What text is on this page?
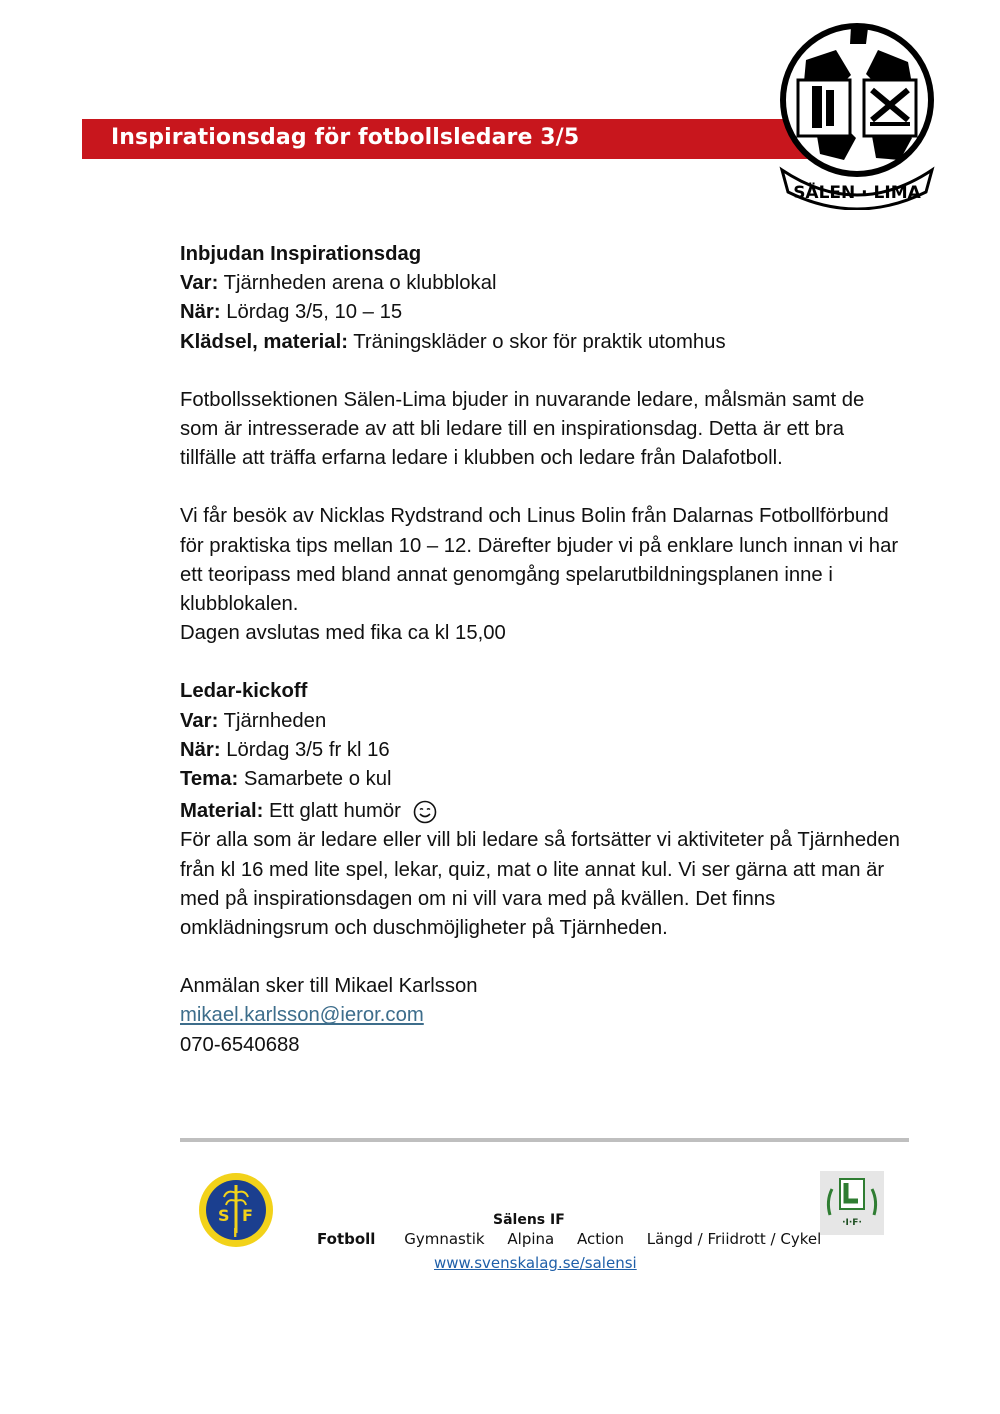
Inspirationsdag för fotbollsledare 3/5
SÄLEN · LIMA

Inbjudan Inspirationsdag

Var: Tjärnheden arena o klubblokal

När: Lördag 3/5, 10 – 15

Klädsel, material: Träningskläder o skor för praktik utomhus

Fotbollssektionen Sälen-Lima bjuder in nuvarande ledare, målsmän samt de som är intresserade av att bli ledare till en inspirationsdag. Detta är ett bra tillfälle att träffa erfarna ledare i klubben och ledare från Dalafotboll.

Vi får besök av Nicklas Rydstrand och Linus Bolin från Dalarnas Fotbollförbund för praktiska tips mellan 10 – 12. Därefter bjuder vi på enklare lunch innan vi har ett teoripass med bland annat genomgång spelarutbildningsplanen inne i klubblokalen.

Dagen avslutas med fika ca kl 15,00

Ledar-kickoff

Var: Tjärnheden

När: Lördag 3/5 fr kl 16

Tema: Samarbete o kul

Material: Ett glatt humör

För alla som är ledare eller vill bli ledare så fortsätter vi aktiviteter på Tjärnheden från kl 16 med lite spel, lekar, quiz, mat o lite annat kul. Vi ser gärna att man är med på inspirationsdagen om ni vill vara med på kvällen. Det finns omklädningsrum och duschmöjligheter på Tjärnheden.

Anmälan sker till Mikael Karlsson

mikael.karlsson@ieror.com

070-6540688

S F
I
·I·F·
Sälens IF
Fotboll Gymnastik Alpina Action Längd / Friidrott / Cykel
www.svenskalag.se/salensi
